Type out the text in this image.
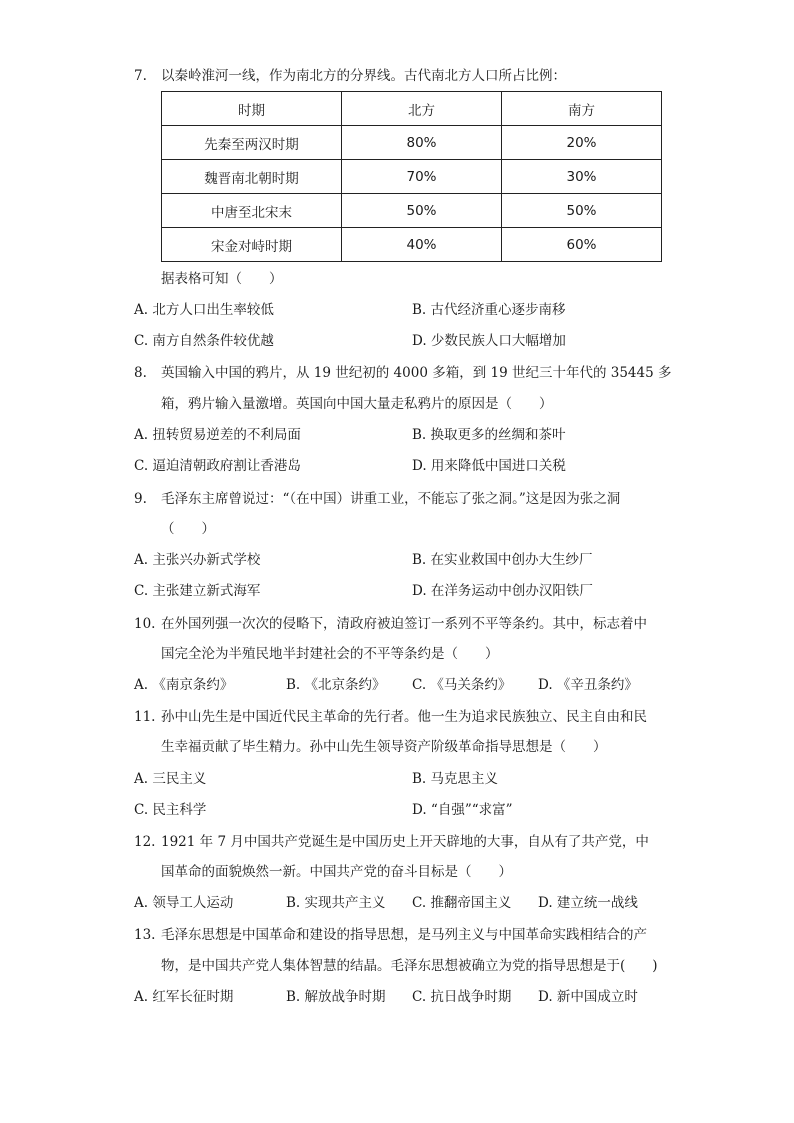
7. 以秦岭淮河一线，作为南北方的分界线。古代南北方人口所占比例：
时期	北方	南方
先秦至两汉时期	80%	20%
魏晋南北朝时期	70%	30%
中唐至北宋末	50%	50%
宋金对峙时期	40%	60%
据表格可知（　　）
A. 北方人口出生率较低	B. 古代经济重心逐步南移
C. 南方自然条件较优越	D. 少数民族人口大幅增加
8. 英国输入中国的鸦片，从 19 世纪初的 4000 多箱，到 19 世纪三十年代的 35445 多
箱，鸦片输入量激增。英国向中国大量走私鸦片的原因是（　　）
A. 扭转贸易逆差的不利局面	B. 换取更多的丝绸和茶叶
C. 逼迫清朝政府割让香港岛	D. 用来降低中国进口关税
9. 毛泽东主席曾说过：“（在中国）讲重工业，不能忘了张之洞。”这是因为张之洞
（　　）
A. 主张兴办新式学校	B. 在实业救国中创办大生纱厂
C. 主张建立新式海军	D. 在洋务运动中创办汉阳铁厂
10. 在外国列强一次次的侵略下，清政府被迫签订一系列不平等条约。其中，标志着中
国完全沦为半殖民地半封建社会的不平等条约是（　　）
A. 《南京条约》	B. 《北京条约》 C. 《马关条约》 D. 《辛丑条约》
11. 孙中山先生是中国近代民主革命的先行者。他一生为追求民族独立、民主自由和民
生幸福贡献了毕生精力。孙中山先生领导资产阶级革命指导思想是（　　）
A. 三民主义	B. 马克思主义
C. 民主科学	D. “自强”“求富”
12. 1921 年 7 月中国共产党诞生是中国历史上开天辟地的大事，自从有了共产党，中
国革命的面貌焕然一新。中国共产党的奋斗目标是（　　）
A. 领导工人运动	B. 实现共产主义 C. 推翻帝国主义 D. 建立统一战线
13. 毛泽东思想是中国革命和建设的指导思想，是马列主义与中国革命实践相结合的产
物，是中国共产党人集体智慧的结晶。毛泽东思想被确立为党的指导思想是于(　　)
A. 红军长征时期	B. 解放战争时期 C. 抗日战争时期 D. 新中国成立时
